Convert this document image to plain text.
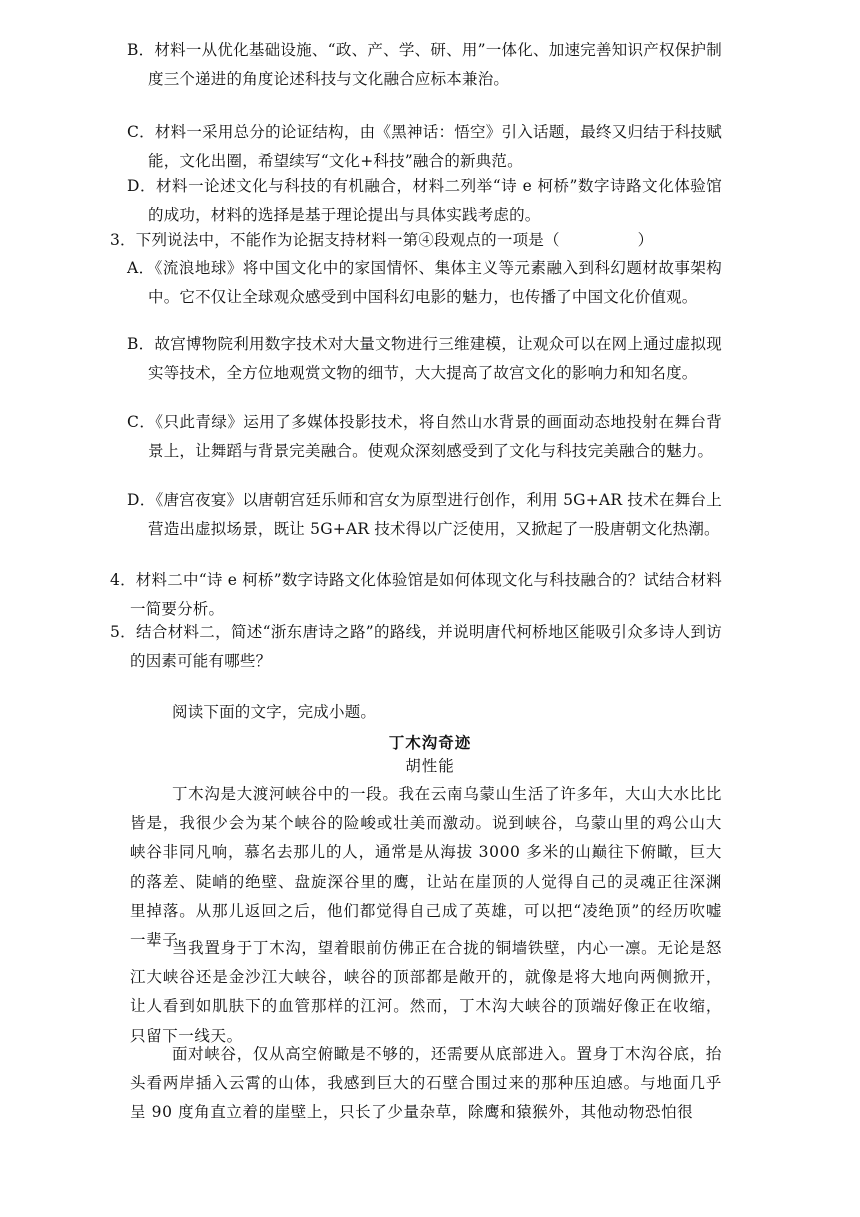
B．材料一从优化基础设施、“政、产、学、研、用”一体化、加速完善知识产权保护制度三个递进的角度论述科技与文化融合应标本兼治。

C．材料一采用总分的论证结构，由《黑神话：悟空》引入话题，最终又归结于科技赋能，文化出圈，希望续写“文化+科技”融合的新典范。

D．材料一论述文化与科技的有机融合，材料二列举“诗 e 柯桥”数字诗路文化体验馆的成功，材料的选择是基于理论提出与具体实践考虑的。

3．下列说法中，不能作为论据支持材料一第④段观点的一项是（	）

A．《流浪地球》将中国文化中的家国情怀、集体主义等元素融入到科幻题材故事架构中。它不仅让全球观众感受到中国科幻电影的魅力，也传播了中国文化价值观。

B．故宫博物院利用数字技术对大量文物进行三维建模，让观众可以在网上通过虚拟现实等技术，全方位地观赏文物的细节，大大提高了故宫文化的影响力和知名度。

C．《只此青绿》运用了多媒体投影技术，将自然山水背景的画面动态地投射在舞台背景上，让舞蹈与背景完美融合。使观众深刻感受到了文化与科技完美融合的魅力。

D．《唐宫夜宴》以唐朝宫廷乐师和宫女为原型进行创作，利用 5G+AR 技术在舞台上营造出虚拟场景，既让 5G+AR 技术得以广泛使用，又掀起了一股唐朝文化热潮。

4．材料二中“诗 e 柯桥”数字诗路文化体验馆是如何体现文化与科技融合的？试结合材料一简要分析。

5．结合材料二，简述“浙东唐诗之路”的路线，并说明唐代柯桥地区能吸引众多诗人到访的因素可能有哪些？

阅读下面的文字，完成小题。

丁木沟奇迹

胡性能

丁木沟是大渡河峡谷中的一段。我在云南乌蒙山生活了许多年，大山大水比比皆是，我很少会为某个峡谷的险峻或壮美而激动。说到峡谷，乌蒙山里的鸡公山大峡谷非同凡响，慕名去那儿的人，通常是从海拔 3000 多米的山巅往下俯瞰，巨大的落差、陡峭的绝壁、盘旋深谷里的鹰，让站在崖顶的人觉得自己的灵魂正往深渊里掉落。从那儿返回之后，他们都觉得自己成了英雄，可以把“凌绝顶”的经历吹嘘一辈子。

当我置身于丁木沟，望着眼前仿佛正在合拢的铜墙铁壁，内心一凛。无论是怒江大峡谷还是金沙江大峡谷，峡谷的顶部都是敞开的，就像是将大地向两侧掀开，让人看到如肌肤下的血管那样的江河。然而，丁木沟大峡谷的顶端好像正在收缩，只留下一线天。

面对峡谷，仅从高空俯瞰是不够的，还需要从底部进入。置身丁木沟谷底，抬头看两岸插入云霄的山体，我感到巨大的石壁合围过来的那种压迫感。与地面几乎呈 90 度角直立着的崖壁上，只长了少量杂草，除鹰和猿猴外，其他动物恐怕很
